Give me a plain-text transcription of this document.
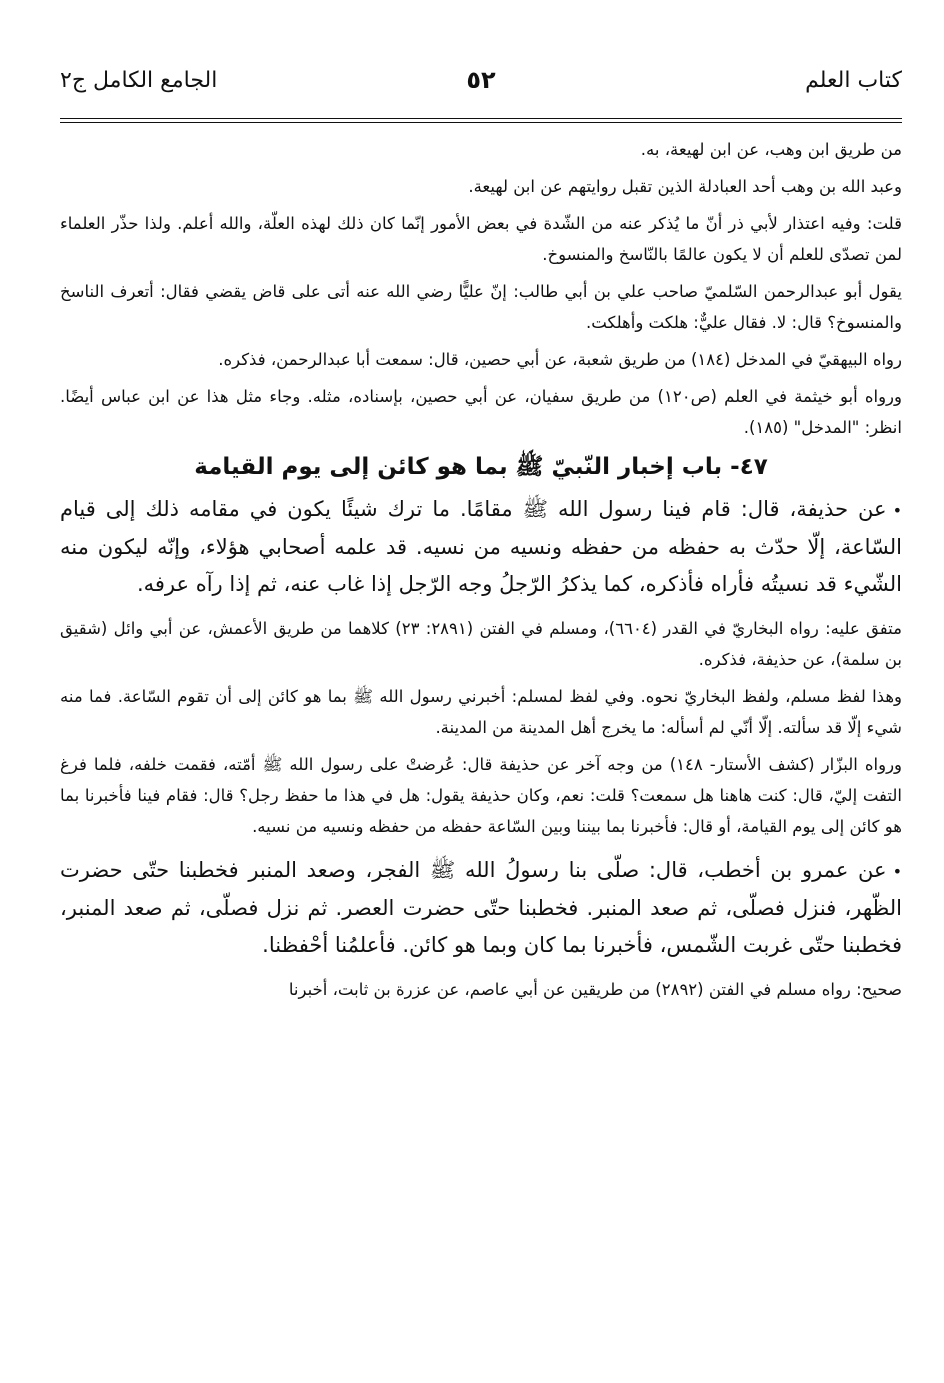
كتاب العلم
٥٢
الجامع الكامل ج٢

من طريق ابن وهب، عن ابن لهيعة، به.

وعبد الله بن وهب أحد العبادلة الذين تقبل روايتهم عن ابن لهيعة.

قلت: وفيه اعتذار لأبي ذر أنّ ما يُذكر عنه من الشّدة في بعض الأمور إنّما كان ذلك لهذه العلّة، والله أعلم. ولذا حذّر العلماء لمن تصدّى للعلم أن لا يكون عالمًا بالنّاسخ والمنسوخ.

يقول أبو عبدالرحمن السّلميّ صاحب علي بن أبي طالب: إنّ عليًّا رضي الله عنه أتى على قاض يقضي فقال: أتعرف الناسخ والمنسوخ؟ قال: لا. فقال عليٌّ: هلكت وأهلكت.

رواه البيهقيّ في المدخل (١٨٤) من طريق شعبة، عن أبي حصين، قال: سمعت أبا عبدالرحمن، فذكره.

ورواه أبو خيثمة في العلم (ص١٢٠) من طريق سفيان، عن أبي حصين، بإسناده، مثله. وجاء مثل هذا عن ابن عباس أيضًا. انظر: "المدخل" (١٨٥).

٤٧- باب إخبار النّبيّ ﷺ بما هو كائن إلى يوم القيامة

•عن حذيفة، قال: قام فينا رسول الله ﷺ مقامًا. ما ترك شيئًا يكون في مقامه ذلك إلى قيام السّاعة، إلّا حدّث به حفظه من حفظه ونسيه من نسيه. قد علمه أصحابي هؤلاء، وإنّه ليكون منه الشّيء قد نسيتُه فأراه فأذكره، كما يذكرُ الرّجلُ وجه الرّجل إذا غاب عنه، ثم إذا رآه عرفه.

متفق عليه: رواه البخاريّ في القدر (٦٦٠٤)، ومسلم في الفتن (٢٨٩١: ٢٣) كلاهما من طريق الأعمش، عن أبي وائل (شقيق بن سلمة)، عن حذيفة، فذكره.

وهذا لفظ مسلم، ولفظ البخاريّ نحوه. وفي لفظ لمسلم: أخبرني رسول الله ﷺ بما هو كائن إلى أن تقوم السّاعة. فما منه شيء إلّا قد سألته. إلّا أنّي لم أسأله: ما يخرج أهل المدينة من المدينة.

ورواه البزّار (كشف الأستار- ١٤٨) من وجه آخر عن حذيفة قال: عُرضتْ على رسول الله ﷺ أمّته، فقمت خلفه، فلما فرغ التفت إليّ، قال: كنت هاهنا هل سمعت؟ قلت: نعم، وكان حذيفة يقول: هل في هذا ما حفظ رجل؟ قال: فقام فينا فأخبرنا بما هو كائن إلى يوم القيامة، أو قال: فأخبرنا بما بيننا وبين السّاعة حفظه من حفظه ونسيه من نسيه.

•عن عمرو بن أخطب، قال: صلّى بنا رسولُ الله ﷺ الفجر، وصعد المنبر فخطبنا حتّى حضرت الظّهر، فنزل فصلّى، ثم صعد المنبر. فخطبنا حتّى حضرت العصر. ثم نزل فصلّى، ثم صعد المنبر، فخطبنا حتّى غربت الشّمس، فأخبرنا بما كان وبما هو كائن. فأعلمُنا أحْفظنا.

صحيح: رواه مسلم في الفتن (٢٨٩٢) من طريقين عن أبي عاصم، عن عزرة بن ثابت، أخبرنا
